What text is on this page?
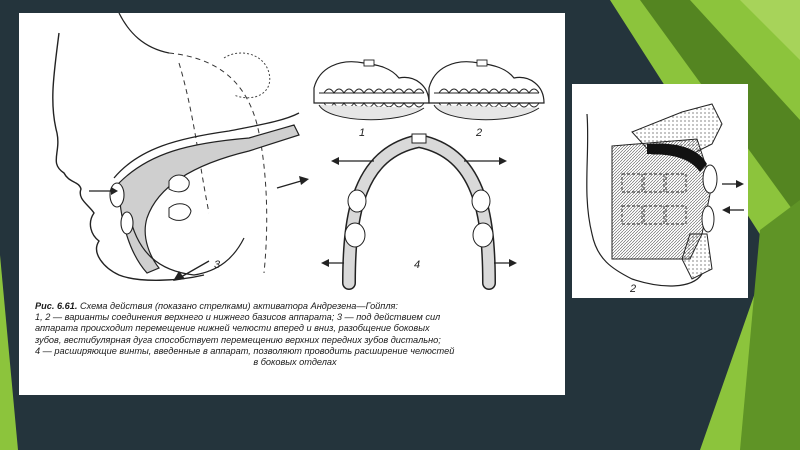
3
1	2
4

Рис. 6.61. Схема действия (показано стрелками) активатора Андрезена—Гойпля:

1, 2 — варианты соединения верхнего и нижнего базисов аппарата; 3 — под действием сил

аппарата происходит перемещение нижней челюсти вперед и вниз, разобщение боковых

зубов, вестибулярная дуга способствует перемещению верхних передних зубов дистально;

4 — расширяющие винты, введенные в аппарат, позволяют проводить расширение челюстей

в боковых отделах

2
